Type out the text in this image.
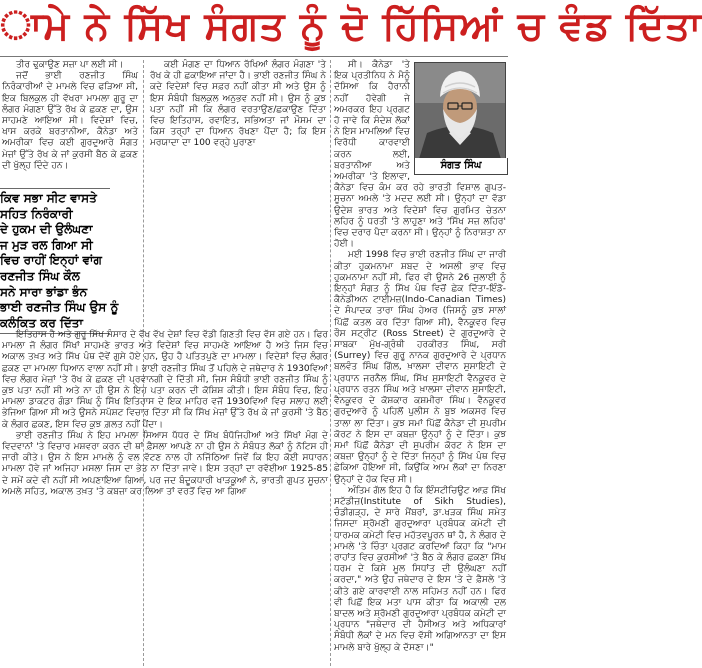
ਾਮੇ ਨੇ ਸਿੱਖ ਸੰਗਤ ਨੂੰ ਦੋ ਹਿੱਸਿਆਂ ਚ ਵੰਡ ਦਿੱਤਾ

ਤੀਰ ਢੁਕਾਉਣ ਸਜ਼ਾ ਪਾ ਲਈ ਸੀ।

ਜਦੋਂ ਭਾਈ ਰਣਜੀਤ ਸਿੰਘ ਨਿਰੰਕਾਰੀਆਂ ਦੇ ਮਾਮਲੇ ਵਿਚ ਫੜਿਆ ਸੀ, ਇਕ ਬਿਲਕੁਲ ਹੀ ਵੱਖਰਾ ਮਾਮਲਾ ਗੁਰੂ ਦਾ ਲੰਗਰ ਮੰਗਣਾ ਉੱਤੇ ਰੱਖ ਕੇ ਛਕਣ ਦਾ, ਉਸ ਸਾਹਮਣੇ ਆਇਆ ਸੀ। ਵਿਦੇਸ਼ਾਂ ਵਿਚ, ਖਾਸ ਕਰਕੇ ਬਰਤਾਨੀਆ, ਕੈਨੇਡਾ ਅਤੇ ਅਮਰੀਕਾ ਵਿਚ ਕਈ ਗੁਰਦੁਆਰੇ ਸੰਗਤ ਮੇਜ਼ਾਂ ਉੱਤੇ ਰੱਖ ਕੇ ਜਾਂ ਕੁਰਸੀ ਬੈਠ ਕੇ ਛਕਣ ਦੀ ਖੁੱਲ੍ਹ ਦਿੰਦੇ ਹਨ।

ਕਈ ਮੰਗਣ ਦਾ ਧਿਆਨ ਰੱਖਿਆਂ ਲੰਗਰ ਮੰਗਣਾ 'ਤੇ ਰੱਖ ਕੇ ਹੀ ਛਕਾਇਆ ਜਾਂਦਾ ਹੈ। ਭਾਈ ਰਣਜੀਤ ਸਿੰਘ ਨੇ ਕਦੇ ਵਿਦੇਸ਼ਾਂ ਵਿਚ ਸਫ਼ਰ ਨਹੀਂ ਕੀਤਾ ਸੀ ਅਤੇ ਉਸ ਨੂੰ ਇਸ ਸੰਬੰਧੀ ਬਿਲਕੁਲ ਅਨੁਭਵ ਨਹੀਂ ਸੀ। ਉਸ ਨੂੰ ਕੁਝ ਪਤਾ ਨਹੀਂ ਸੀ ਕਿ ਲੰਗਰ ਵਰਤਾਉਣ/ਛਕਾਉਣ ਦਿੱਤਾ ਵਿਚ ਇਤਿਹਾਸ, ਰਵਾਇਤ, ਸਭਿਅਤਾ ਜਾਂ ਮੌਸਮ ਦਾ ਕਿਸ ਤਰ੍ਹਾਂ ਦਾ ਧਿਆਨ ਰੱਖਣਾ ਪੈਂਦਾ ਹੈ; ਕਿ ਇਸ ਮਰਯਾਦਾ ਦਾ 100 ਵਰ੍ਹੇ ਪੁਰਾਣਾ

ਕਿਵ ਸਭਾ ਸੀਟ ਵਾਸਤੇ

ਸਹਿਤ ਨਿਰੰਕਾਰੀ

ਦੇ ਹੁਕਮ ਦੀ ਉਲੰਘਣਾ

ਜ ਮੁੜ ਰਲ ਗਿਆ ਸੀ

ਵਿਚ ਰਾਹੀਂ ਇਨ੍ਹਾਂ ਵਾਂਗ

ਰਣਜੀਤ ਸਿੰਘ ਕੌਲ

ਸਨੇ ਸਾਰਾ ਭਾਂਡਾ ਭੰਨ

ਭਾਈ ਰਣਜੀਤ ਸਿੰਘ ਉਸ ਨੂੰ

ਕਲੰਕਿਤ ਕਰ ਦਿੱਤਾ

ਇਤਿਹਾਸ ਹੈ ਅਤੇ ਗੁਰੂ ਸਿੱਖ ਸੰਸਾਰ ਦੇ ਵੱਖ ਵੱਖ ਦੇਸ਼ਾਂ ਵਿਚ ਵੱਡੀ ਗਿਣਤੀ ਵਿਚ ਵੱਸ ਗਏ ਹਨ। ਫਿਰ ਮਾਮਲਾ ਜੋ ਲੰਗਰ ਸਿੱਖਾਂ ਸਾਹਮਣੇ ਭਾਰਤ ਅਤੇ ਵਿਦੇਸ਼ਾਂ ਵਿਚ ਸਾਹਮਣੇ ਆਇਆ ਹੈ ਅਤੇ ਜਿਸ ਵਿਚ ਅਕਾਲ ਤਖ਼ਤ ਅਤੇ ਸਿੱਖ ਪੰਥ ਦੋਵੇਂ ਗੁਸੇ ਹੋਏ ਹਨ, ਉਹ ਹੈ ਪਤਿਤਪੁਣੇ ਦਾ ਮਾਮਲਾ। ਵਿਦੇਸ਼ਾਂ ਵਿਚ ਲੰਗਰ ਛਕਣ ਦਾ ਮਾਮਲਾ ਧਿਆਨ ਵਾਲਾ ਨਹੀਂ ਸੀ। ਭਾਈ ਰਣਜੀਤ ਸਿੰਘ ਤੋਂ ਪਹਿਲੇ ਦੇ ਜਥੇਦਾਰ ਨੇ 1930ਵਿਆਂ ਵਿਚ ਲੰਗਰ ਮੇਜ਼ਾਂ 'ਤੇ ਰੱਖ ਕੇ ਛਕਣ ਦੀ ਪ੍ਰਵਾਨਗੀ ਦੇ ਦਿੱਤੀ ਸੀ, ਜਿਸ ਸੰਬੰਧੀ ਭਾਈ ਰਣਜੀਤ ਸਿੰਘ ਨੂੰ ਕੁਝ ਪਤਾ ਨਹੀਂ ਸੀ ਅਤੇ ਨਾ ਹੀ ਉਸ ਨੇ ਇਹ ਪਤਾ ਕਰਨ ਦੀ ਕੋਸ਼ਿਸ਼ ਕੀਤੀ। ਇਸ ਸੰਬੰਧ ਵਿਚ, ਇਹ ਮਾਮਲਾ ਡਾਕਟਰ ਗੰਡਾ ਸਿੰਘ ਨੂੰ ਸਿੱਖ ਇਤਿਹਾਸ ਦੇ ਇਕ ਮਾਹਿਰ ਵਜੋਂ 1930ਵਿਆਂ ਵਿਚ ਸਲਾਹ ਲਈ ਭੇਜਿਆ ਗਿਆ ਸੀ ਅਤੇ ਉਸਨੇ ਸਪੱਸ਼ਟ ਵਿਚਾਰ ਦਿੱਤਾ ਸੀ ਕਿ ਸਿੱਖ ਮੇਜ਼ਾਂ ਉੱਤੇ ਰੱਖ ਕੇ ਜਾਂ ਕੁਰਸੀ 'ਤੇ ਬੈਠ ਕੇ ਲੰਗਰ ਛਕਣ, ਇਸ ਵਿਚ ਕੁਝ ਗ਼ਲਤ ਨਹੀਂ ਪੈਂਦਾ।

ਭਾਈ ਰਣਜੀਤ ਸਿੰਘ ਨੇ ਇਹ ਮਾਮਲਾ ਸਿਆਸ ਧੱਧਰ ਦੇ ਸਿੱਖ ਬੰਧੋਜਿਹੀਆਂ ਅਤੇ ਸਿੱਖਾਂ ਮੰਗ ਦੇ ਵਿਦਵਾਨਾਂ 'ਤੇ ਵਿਚਾਰ ਮਸ਼ਵਰਾ ਕਰਨ ਦੀ ਥਾਂ ਫ਼ੈਸਲਾ ਆਪਣੇ ਨਾ ਹੀ ਉਸ ਨੇ ਸੰਬੰਧਤ ਲੋਕਾਂ ਨੂੰ ਨੋਟਿਸ ਹੀ ਜਾਰੀ ਕੀਤੇ। ਉਸ ਨੇ ਇਸ ਮਾਮਲੇ ਨੂੰ ਵਲ ਵੱਟਣ ਨਾਲ ਹੀ ਨਜਿੱਠਿਆ ਜਿਵੇਂ ਕਿ ਇਹ ਕੋਈ ਸਧਾਰਨ ਮਾਮਲਾ ਹੋਵੇ ਜਾਂ ਅਜਿਹਾ ਮਸਲਾ ਜਿਸ ਦਾ ਭੇਤ ਨਾ ਦਿੱਤਾ ਜਾਵੇ। ਇਸ ਤਰ੍ਹਾਂ ਦਾ ਰਵੱਈਆ 1925-85 ਦੇ ਸਮੇਂ ਕਦੇ ਵੀ ਨਹੀਂ ਸੀ ਅਪਣਾਇਆ ਗਿਆ, ਪਰ ਜਦ ਬੰਦੂਕਧਾਰੀ ਖਾੜਕੂਆਂ ਨੇ, ਭਾਰਤੀ ਗੁਪਤ ਸੂਚਨਾ ਅਮਲੇ ਸਹਿਤ, ਅਕਾਲ ਤਖ਼ਤ 'ਤੇ ਕਬਜ਼ਾ ਕਰ ਲਿਆ ਤਾਂ ਵਰਤੋਂ ਵਿਚ ਆ ਗਿਆ

ਸੀ। ਕੈਨੇਡਾ 'ਤੇ ਇਕ ਪ੍ਰਤੀਨਿਧ ਨੇ ਮੈਨੂੰ ਦੱਸਿਆ ਕਿ ਹੈਰਾਨੀ ਨਹੀਂ ਹੋਵੇਗੀ ਜੇ ਅਮਰਕਰ ਇਹ ਪ੍ਰਗਟ ਹੋ ਜਾਵੇ ਕਿ ਸੰਦੇਸ਼ ਲੋਕਾਂ ਨੇ ਇਸ ਮਾਮਲਿਆਂ ਵਿਚ ਵਿਰੋਧੀ ਕਾਰਵਾਈ ਕਰਨ ਲਈ, ਬਰਤਾਨੀਆ ਅਤੇ ਅਮਰੀਕਾ 'ਤੇ ਇਲਾਵਾ, ਕੈਨੇਡਾ ਵਿਚ ਕੰਮ ਕਰ ਰਹੇ ਭਾਰਤੀ ਵਿਸ਼ਾਲ ਗੁਪਤ-ਸੂਚਨਾ ਅਮਲੇ 'ਤੇ ਮਦਦ ਲਈ ਸੀ। ਉਨ੍ਹਾਂ ਦਾ ਵੱਡਾ ਉਦੇਸ਼ ਭਾਰਤ ਅਤੇ ਵਿਦੇਸ਼ਾਂ ਵਿਚ ਗੁਰਮਿਤ ਚੇਤਨਾ ਲਹਿਰ ਨੂੰ ਧਰਤੀ 'ਤੇ ਲਾਹੁਣਾ ਅਤੇ 'ਸਿੱਖ ਸਜ਼ ਲਹਿਰ' ਵਿਚ ਦਰਾਰ ਪੈਦਾ ਕਰਨਾ ਸੀ। ਉਨ੍ਹਾਂ ਨੂੰ ਨਿਰਾਸ਼ਤਾ ਨਾ ਹੋਈ।

ਮਈ 1998 ਵਿਚ ਭਾਈ ਰਣਜੀਤ ਸਿੰਘ ਦਾ ਜਾਰੀ ਕੀਤਾ ਹੁਕਮਨਾਮਾ ਸ਼ਬਦ ਦੇ ਅਸਲੀ ਭਾਵ ਵਿਚ ਹੁਕਮਨਾਮਾ ਨਹੀਂ ਸੀ, ਫਿਰ ਵੀ ਉਸਨੇ 26 ਜੁਲਾਈ ਨੂੰ ਇਨ੍ਹਾਂ ਸੰਗਤ ਨੂੰ ਸਿੱਖ ਪੰਥ ਵਿਚੋਂ ਛੇਕ ਦਿੱਤਾ-ਇੰਡੋ-ਕੈਨੇਡੀਅਨ ਟਾਈਮਜ਼(Indo-Canadian Times) ਦੇ ਸੰਪਾਦਕ ਤਾਰਾ ਸਿੰਘ ਹੇਅਰ (ਜਿਸਨੂੰ ਕੁਝ ਸਾਲਾਂ ਪਿੱਛੋਂ ਕਤਲ ਕਰ ਦਿੱਤਾ ਗਿਆ ਸੀ), ਵੈਨਕੂਵਰ ਵਿਚ ਰੌਸ ਸਟ੍ਰੀਟ (Ross Street) ਦੇ ਗੁਰਦੁਆਰੇ ਦੇ ਸਾਬਕਾ ਮੁੱਖ-ਗ੍ਰੰਥੀ ਹਰਕੀਰਤ ਸਿੰਘ, ਸਰੀ (Surrey) ਵਿਚ ਗੁਰੂ ਨਾਨਕ ਗੁਰਦੁਆਰੇ ਦੇ ਪ੍ਰਧਾਨ ਬਲਵੰਤ ਸਿੰਘ ਗਿੱਲ, ਖ਼ਾਲਸਾ ਦੀਵਾਨ ਸੁਸਾਇਟੀ ਦੇ ਪ੍ਰਧਾਨ ਜਰਨੈਲ ਸਿੰਘ, ਸਿੱਖ ਸੁਸਾਇਟੀ ਵੈਨਕੂਵਰ ਦੇ ਪ੍ਰਧਾਨ ਰਤਨ ਸਿੰਘ ਅਤੇ ਖ਼ਾਲਸਾ ਦੀਵਾਨ ਸੁਸਾਇਟੀ, ਵੈਨਕੂਵਰ ਦੇ ਕੋਸ਼ਕਾਰ ਕਸ਼ਮੀਰਾ ਸਿੰਘ। ਵੈਨਕੂਵਰ ਗੁਰਦੁਆਰੇ ਨੂੰ ਪਹਿਲੋਂ ਪੁਲੀਸ ਨੇ ਬੁਝ ਅਕਸਰ ਵਿਚ ਤਾਲਾ ਲਾ ਦਿੱਤਾ। ਕੁਝ ਸਮਾਂ ਪਿੱਛੋਂ ਕੈਨੇਡਾ ਦੀ ਸੁਪਰੀਮ ਕੋਰਟ ਨੇ ਇਸ ਦਾ ਕਬਜ਼ਾ ਉਨ੍ਹਾਂ ਨੂੰ ਦੇ ਦਿੱਤਾ। ਕੁਝ ਸਮਾਂ ਪਿੱਛੋਂ ਕੈਨੇਡਾ ਦੀ ਸੁਪਰੀਮ ਕੋਰਟ ਨੇ ਇਸ ਦਾ ਕਬਜ਼ਾ ਉਨ੍ਹਾਂ ਨੂੰ ਦੇ ਦਿੱਤਾ ਜਿਨ੍ਹਾਂ ਨੂੰ ਸਿੱਖ ਪੰਥ ਵਿਚ ਛੇਕਿਆ ਹੋਇਆ ਸੀ, ਕਿਉਂਕਿ ਆਮ ਲੋਕਾਂ ਦਾ ਨਿਰਣਾ ਉਨ੍ਹਾਂ ਦੇ ਹੱਕ ਵਿਚ ਸੀ।

ਅੰਤਿਮ ਗੱਲ ਇਹ ਹੈ ਕਿ ਇੰਸਟੀਚਿਊਟ ਆਫ਼ ਸਿੱਖ ਸਟੱਡੀਜ਼(Institute of Sikh Studies), ਚੰਡੀਗੜ੍ਹ, ਦੇ ਸਾਰੇ ਮੈਂਬਰਾਂ, ਡਾ.ਖੜਕ ਸਿੰਘ ਸਮੇਤ ਜਿਸਦਾ ਸ਼੍ਰੋਮਣੀ ਗੁਰਦੁਆਰਾ ਪ੍ਰਬੰਧਕ ਕਮੇਟੀ ਦੀ ਧਾਰਮਕ ਕਮੇਟੀ ਵਿਚ ਮਹੱਤਵਪੂਰਨ ਥਾਂ ਹੈ, ਨੇ ਲੰਗਰ ਦੇ ਮਾਮਲੇ 'ਤੇ ਚਿੰਤਾ ਪ੍ਰਗਟ ਕਰਦਿਆਂ ਕਿਹਾ ਕਿ "ਮਾਮ ਰਾਹਾਂਤ ਵਿਚ ਕੁਰਸੀਆਂ 'ਤੇ ਬੈਠ ਕੇ ਲੰਗਰ ਛਕਣਾ ਸਿੱਖ ਧਰਮ ਦੇ ਕਿਸੇ ਮੂਲ ਸਿਧਾਂਤ ਦੀ ਉਲੰਘਣਾ ਨਹੀਂ ਕਰਦਾ," ਅਤੇ ਉਹ ਜਥੇਦਾਰ ਦੇ ਇਸ 'ਤੇ ਦੇ ਫ਼ੈਸਲੇ 'ਤੇ ਕੀਤੇ ਗਏ ਕਾਰਵਾਈ ਨਾਲ ਸਹਿਮਤ ਨਹੀਂ ਹਨ। ਫਿਰ ਵੀ ਪਿਛੋਂ ਇਕ ਮਤਾ ਪਾਸ ਕੀਤਾ ਕਿ ਅਕਾਲੀ ਦਲ ਬਾਦਲ ਅਤੇ ਸ਼੍ਰੋਮਣੀ ਗੁਰਦੁਆਰਾ ਪ੍ਰਬੰਧਕ ਕਮੇਟੀ ਦਾ ਪ੍ਰਧਾਨ "ਜਥੇਦਾਰ ਦੀ ਹੈਸੀਅਤ ਅਤੇ ਅਧਿਕਾਰਾਂ ਸੰਬੰਧੀ ਲੋਕਾਂ ਦੇ ਮਨ ਵਿਚ ਵੱਸੀ ਅਗਿਆਨਤਾ ਦਾ ਇਸ ਮਾਮਲੇ ਬਾਰੇ ਖੁੱਲ੍ਹ ਕੇ ਦੱਸਣਾ।"

ਸੰਗਤ ਸਿੰਘ
